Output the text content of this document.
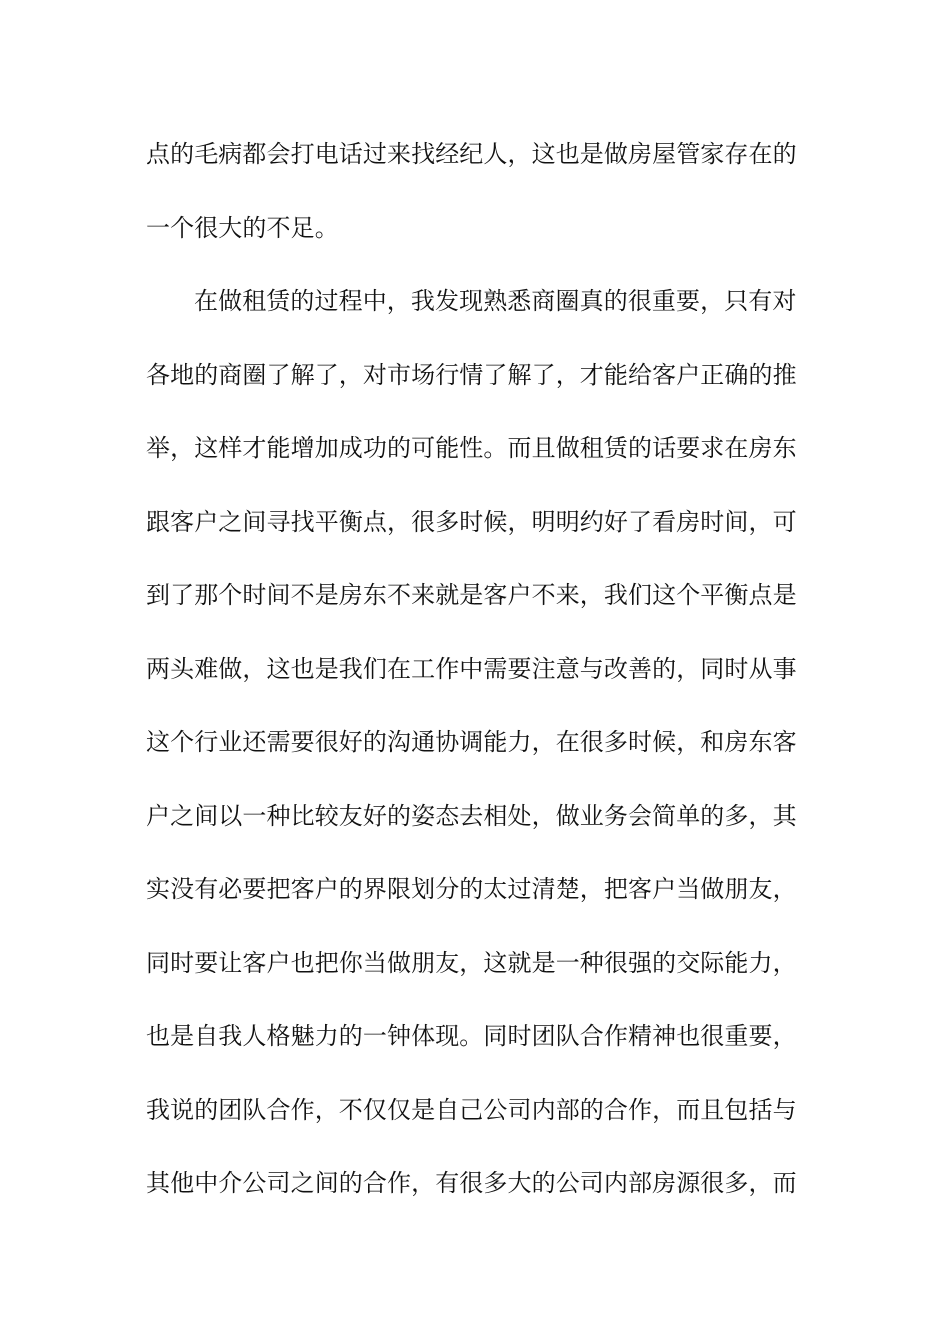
点的毛病都会打电话过来找经纪人，这也是做房屋管家存在的
一个很大的不足。
在做租赁的过程中，我发现熟悉商圈真的很重要，只有对
各地的商圈了解了，对市场行情了解了，才能给客户正确的推
举，这样才能增加成功的可能性。而且做租赁的话要求在房东
跟客户之间寻找平衡点，很多时候，明明约好了看房时间，可
到了那个时间不是房东不来就是客户不来，我们这个平衡点是
两头难做，这也是我们在工作中需要注意与改善的，同时从事
这个行业还需要很好的沟通协调能力，在很多时候，和房东客
户之间以一种比较友好的姿态去相处，做业务会简单的多，其
实没有必要把客户的界限划分的太过清楚，把客户当做朋友，
同时要让客户也把你当做朋友，这就是一种很强的交际能力，
也是自我人格魅力的一钟体现。同时团队合作精神也很重要，
我说的团队合作，不仅仅是自己公司内部的合作，而且包括与
其他中介公司之间的合作，有很多大的公司内部房源很多，而
